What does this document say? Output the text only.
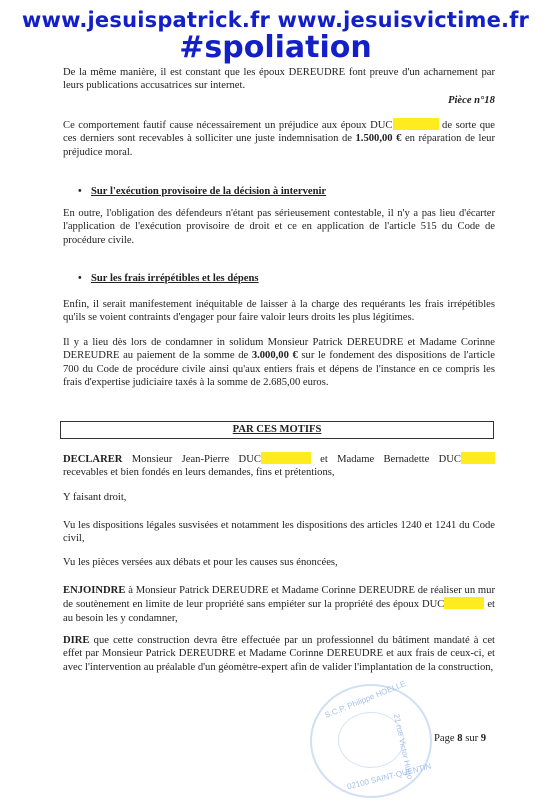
www.jesuispatrick.fr www.jesuisvictime.fr
#spoliation

De la même manière, il est constant que les époux DEREUDRE font preuve d'un acharnement par leurs publications accusatrices sur internet.

Pièce n°18

Ce comportement fautif cause nécessairement un préjudice aux époux DUC	de sorte que ces derniers sont recevables à solliciter une juste indemnisation de 1.500,00 € en réparation de leur préjudice moral.

• Sur l'exécution provisoire de la décision à intervenir

En outre, l'obligation des défendeurs n'étant pas sérieusement contestable, il n'y a pas lieu d'écarter l'application de l'exécution provisoire de droit et ce en application de l'article 515 du Code de procédure civile.

• Sur les frais irrépétibles et les dépens

Enfin, il serait manifestement inéquitable de laisser à la charge des requérants les frais irrépétibles qu'ils se voient contraints d'engager pour faire valoir leurs droits les plus légitimes.

Il y a lieu dès lors de condamner in solidum Monsieur Patrick DEREUDRE et Madame Corinne DEREUDRE au paiement de la somme de 3.000,00 € sur le fondement des dispositions de l'article 700 du Code de procédure civile ainsi qu'aux entiers frais et dépens de l'instance en ce compris les frais d'expertise judiciaire taxés à la somme de 2.685,00 euros.

PAR CES MOTIFS

DECLARER Monsieur Jean-Pierre DUC	et Madame Bernadette DUC recevables et bien fondés en leurs demandes, fins et prétentions,

Y faisant droit,

Vu les dispositions légales susvisées et notamment les dispositions des articles 1240 et 1241 du Code civil,

Vu les pièces versées aux débats et pour les causes sus énoncées,

ENJOINDRE à Monsieur Patrick DEREUDRE et Madame Corinne DEREUDRE de réaliser un mur de soutènement en limite de leur propriété sans empiéter sur la propriété des époux DUC	et au besoin les y condamner,

DIRE que cette construction devra être effectuée par un professionnel du bâtiment mandaté à cet effet par Monsieur Patrick DEREUDRE et Madame Corinne DEREUDRE et aux frais de ceux-ci, et avec l'intervention au préalable d'un géomètre-expert afin de valider l'implantation de la construction,

S.C.P. Philippe HOELLE
21 rue Victor Hugo
02100 SAINT-QUENTIN
Page 8 sur 9
